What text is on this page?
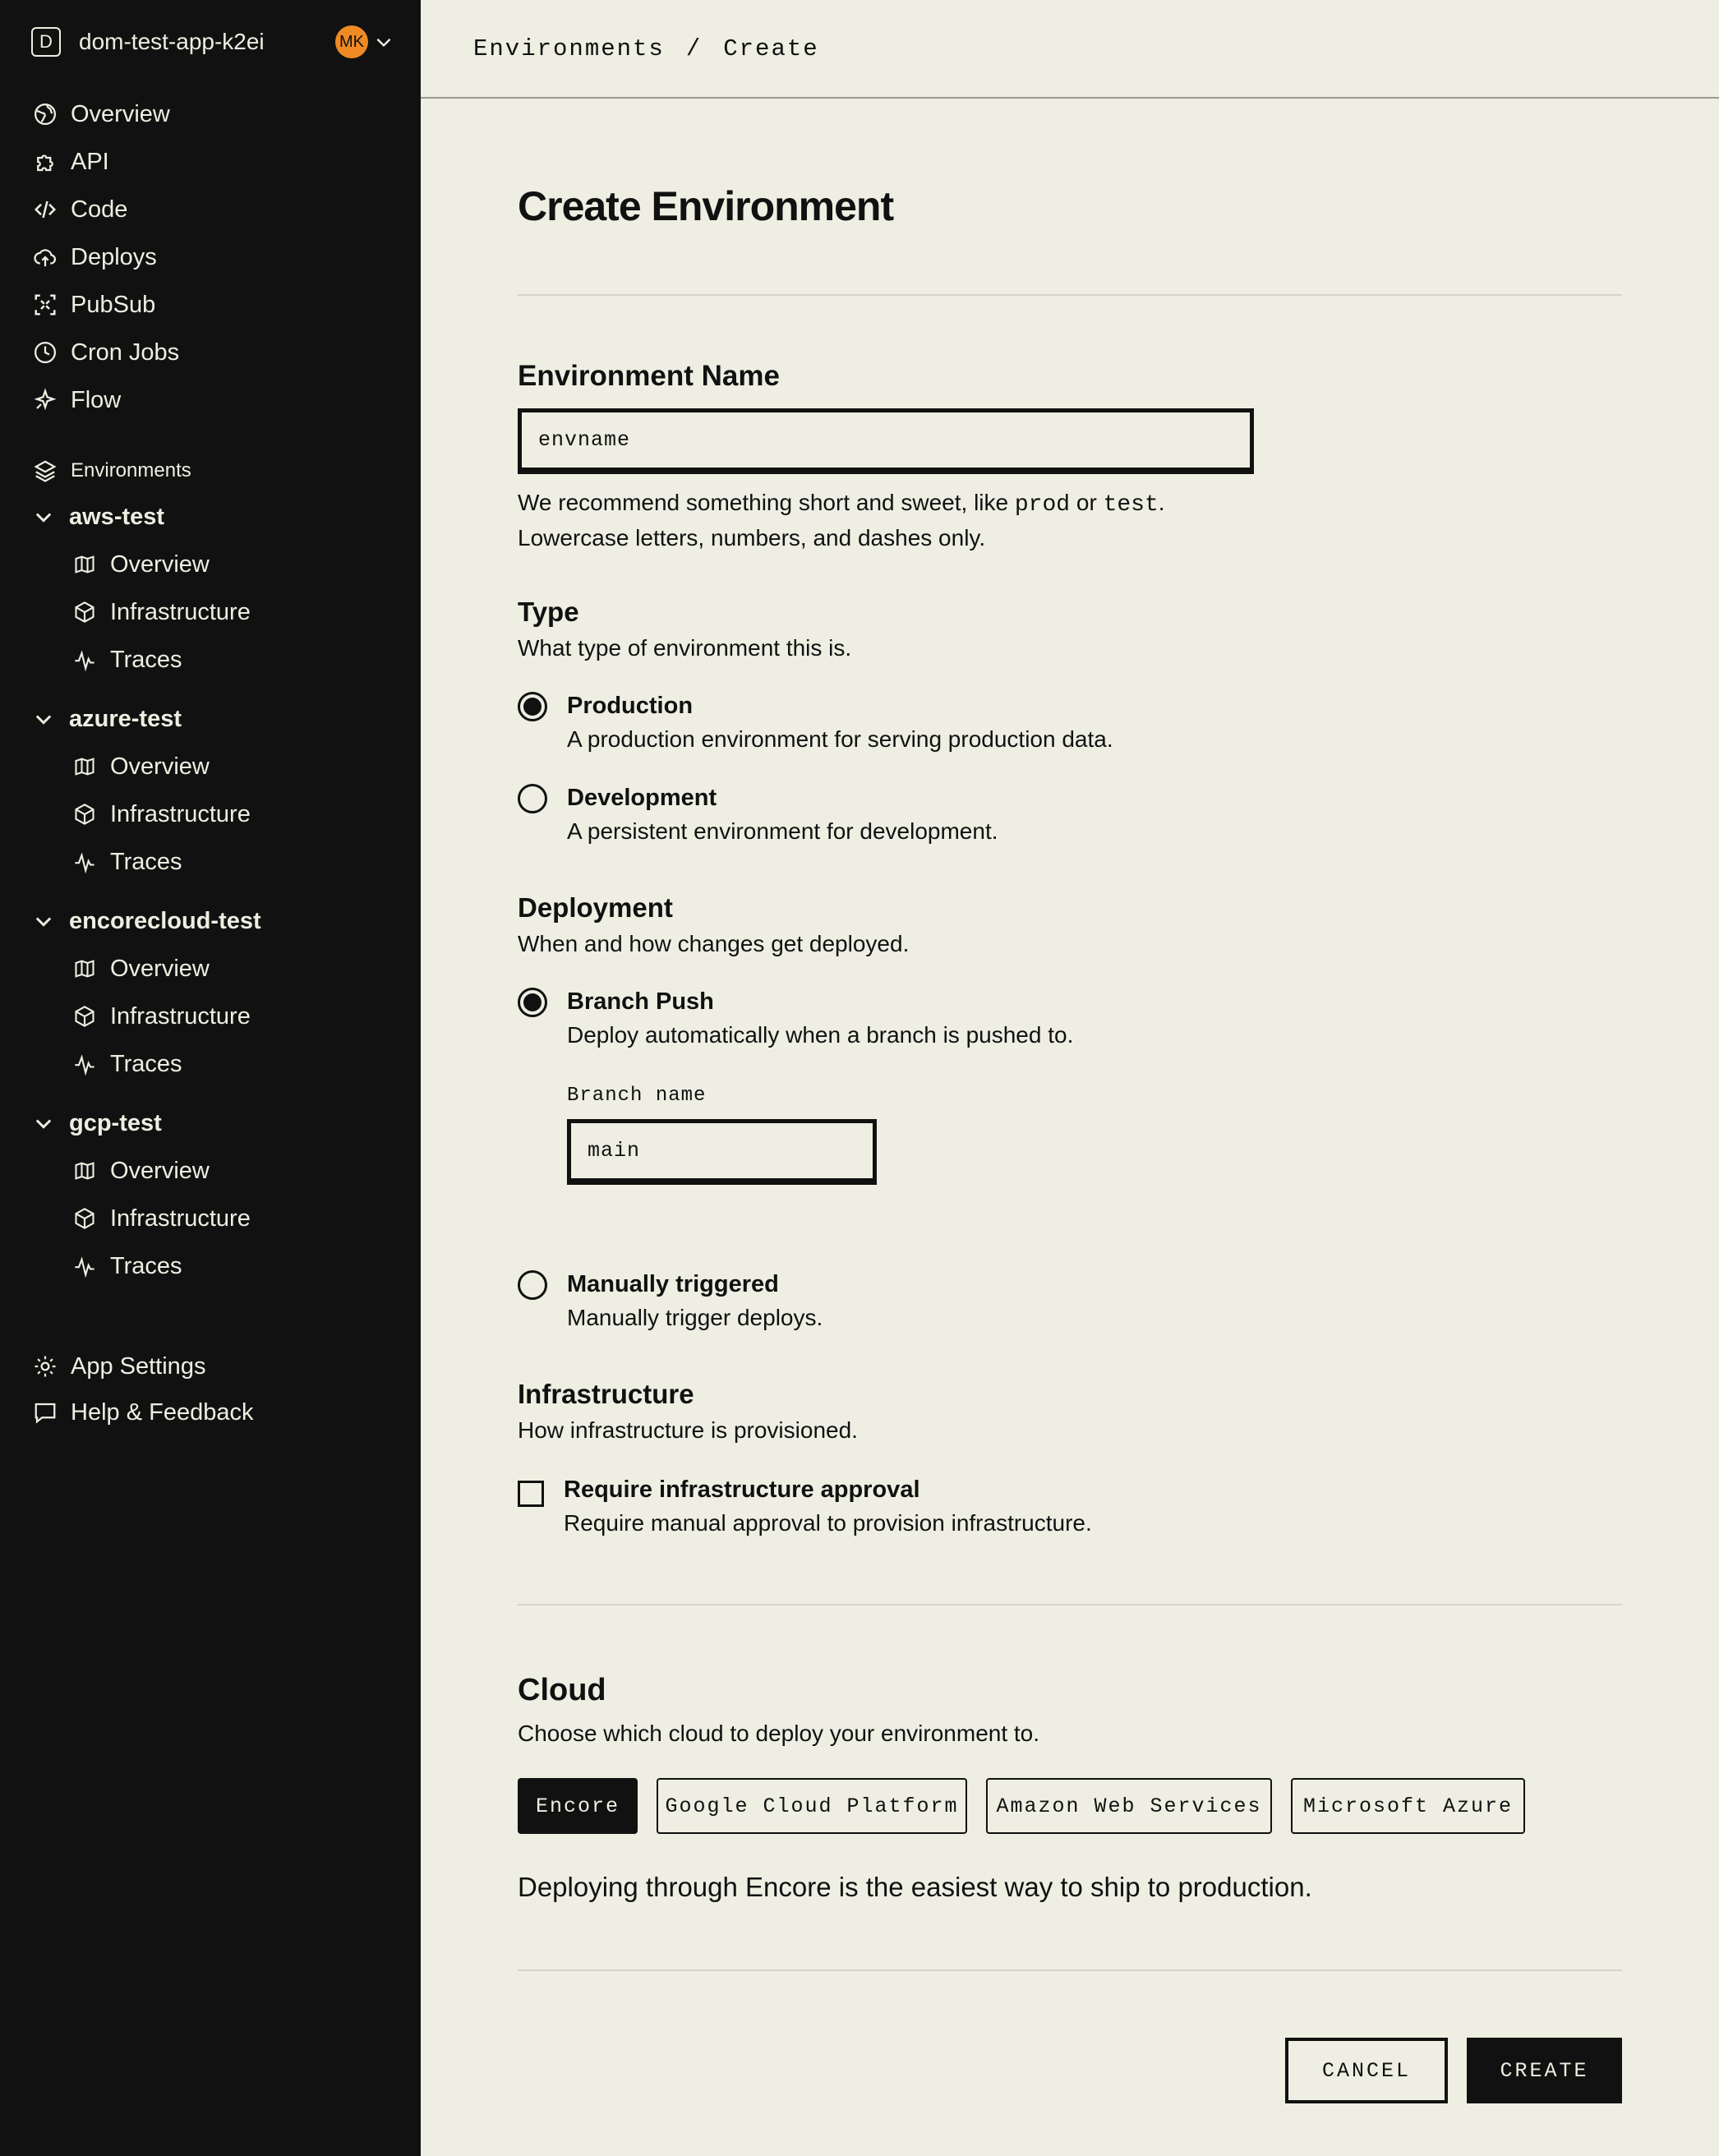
D	dom-test-app-k2ei	MK
Overview
API
Code
Deploys
PubSub
Cron Jobs
Flow
Environments
aws-test
Overview
Infrastructure
Traces
azure-test
Overview
Infrastructure
Traces
encorecloud-test
Overview
Infrastructure
Traces
gcp-test
Overview
Infrastructure
Traces
App Settings
Help & Feedback
Environments / Create
Create Environment
Environment Name
envname
We recommend something short and sweet, like prod or test.
Lowercase letters, numbers, and dashes only.
Type
What type of environment this is.
Production
A production environment for serving production data.
Development
A persistent environment for development.
Deployment
When and how changes get deployed.
Branch Push
Deploy automatically when a branch is pushed to.
Branch name
main
Manually triggered
Manually trigger deploys.
Infrastructure
How infrastructure is provisioned.
Require infrastructure approval
Require manual approval to provision infrastructure.
Cloud
Choose which cloud to deploy your environment to.
Encore	Google Cloud Platform	Amazon Web Services	Microsoft Azure
Deploying through Encore is the easiest way to ship to production.
CANCEL	CREATE
